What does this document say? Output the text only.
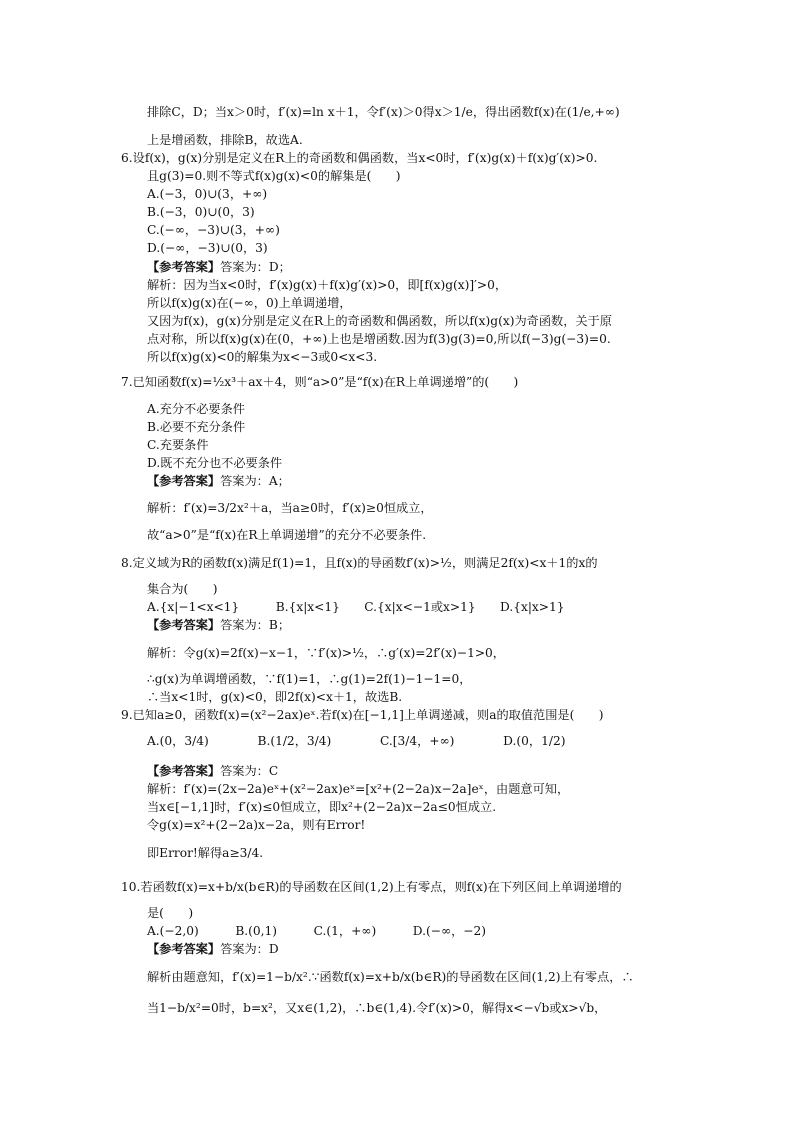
排除C，D；当x＞0时，f′(x)=ln x＋1，令f′(x)＞0得x＞1/e，得出函数f(x)在(1/e,+∞)
上是增函数，排除B，故选A.
6.设f(x)，g(x)分别是定义在R上的奇函数和偶函数，当x<0时，f′(x)g(x)＋f(x)g′(x)>0.
且g(3)=0.则不等式f(x)g(x)<0的解集是(　　)
A.(−3，0)∪(3，+∞)
B.(−3，0)∪(0，3)
C.(−∞，−3)∪(3，+∞)
D.(−∞，−3)∪(0，3)
【参考答案】答案为：D；
解析：因为当x<0时，f′(x)g(x)＋f(x)g′(x)>0，即[f(x)g(x)]′>0，
所以f(x)g(x)在(−∞，0)上单调递增，
又因为f(x)，g(x)分别是定义在R上的奇函数和偶函数，所以f(x)g(x)为奇函数，关于原
点对称，所以f(x)g(x)在(0，+∞)上也是增函数.因为f(3)g(3)=0,所以f(−3)g(−3)=0.
所以f(x)g(x)<0的解集为x<−3或0<x<3.
7.已知函数f(x)=½x³＋ax＋4，则“a>0”是“f(x)在R上单调递增”的(　　)
A.充分不必要条件
B.必要不充分条件
C.充要条件
D.既不充分也不必要条件
【参考答案】答案为：A；
解析：f′(x)=3/2x²＋a，当a≥0时，f′(x)≥0恒成立，
故“a>0”是“f(x)在R上单调递增”的充分不必要条件.
8.定义域为R的函数f(x)满足f(1)=1，且f(x)的导函数f′(x)>½，则满足2f(x)<x＋1的x的
集合为(　　)
A.{x|−1<x<1}　　　B.{x|x<1}　　C.{x|x<−1或x>1}　　D.{x|x>1}
【参考答案】答案为：B；
解析：令g(x)=2f(x)−x−1，∵f′(x)>½，∴g′(x)=2f′(x)−1>0，
∴g(x)为单调增函数，∵f(1)=1，∴g(1)=2f(1)−1−1=0，
∴当x<1时，g(x)<0，即2f(x)<x＋1，故选B.
9.已知a≥0，函数f(x)=(x²−2ax)eˣ.若f(x)在[−1,1]上单调递减，则a的取值范围是(　　)
A.(0，3/4)　　　　B.(1/2，3/4)　　　　C.[3/4，+∞)　　　　D.(0，1/2)
【参考答案】答案为：C
解析：f′(x)=(2x−2a)eˣ+(x²−2ax)eˣ=[x²+(2−2a)x−2a]eˣ，由题意可知，
当x∈[−1,1]时，f′(x)≤0恒成立，即x²+(2−2a)x−2a≤0恒成立.
令g(x)=x²+(2−2a)x−2a，则有Error!
即Error!解得a≥3/4.
10.若函数f(x)=x+b/x(b∈R)的导函数在区间(1,2)上有零点，则f(x)在下列区间上单调递增的
是(　　)
A.(−2,0)　　　B.(0,1)　　　C.(1，+∞)　　　D.(−∞，−2)
【参考答案】答案为：D
解析由题意知，f′(x)=1−b/x².∵函数f(x)=x+b/x(b∈R)的导函数在区间(1,2)上有零点，∴
当1−b/x²=0时，b=x²，又x∈(1,2)，∴b∈(1,4).令f′(x)>0，解得x<−√b或x>√b，
